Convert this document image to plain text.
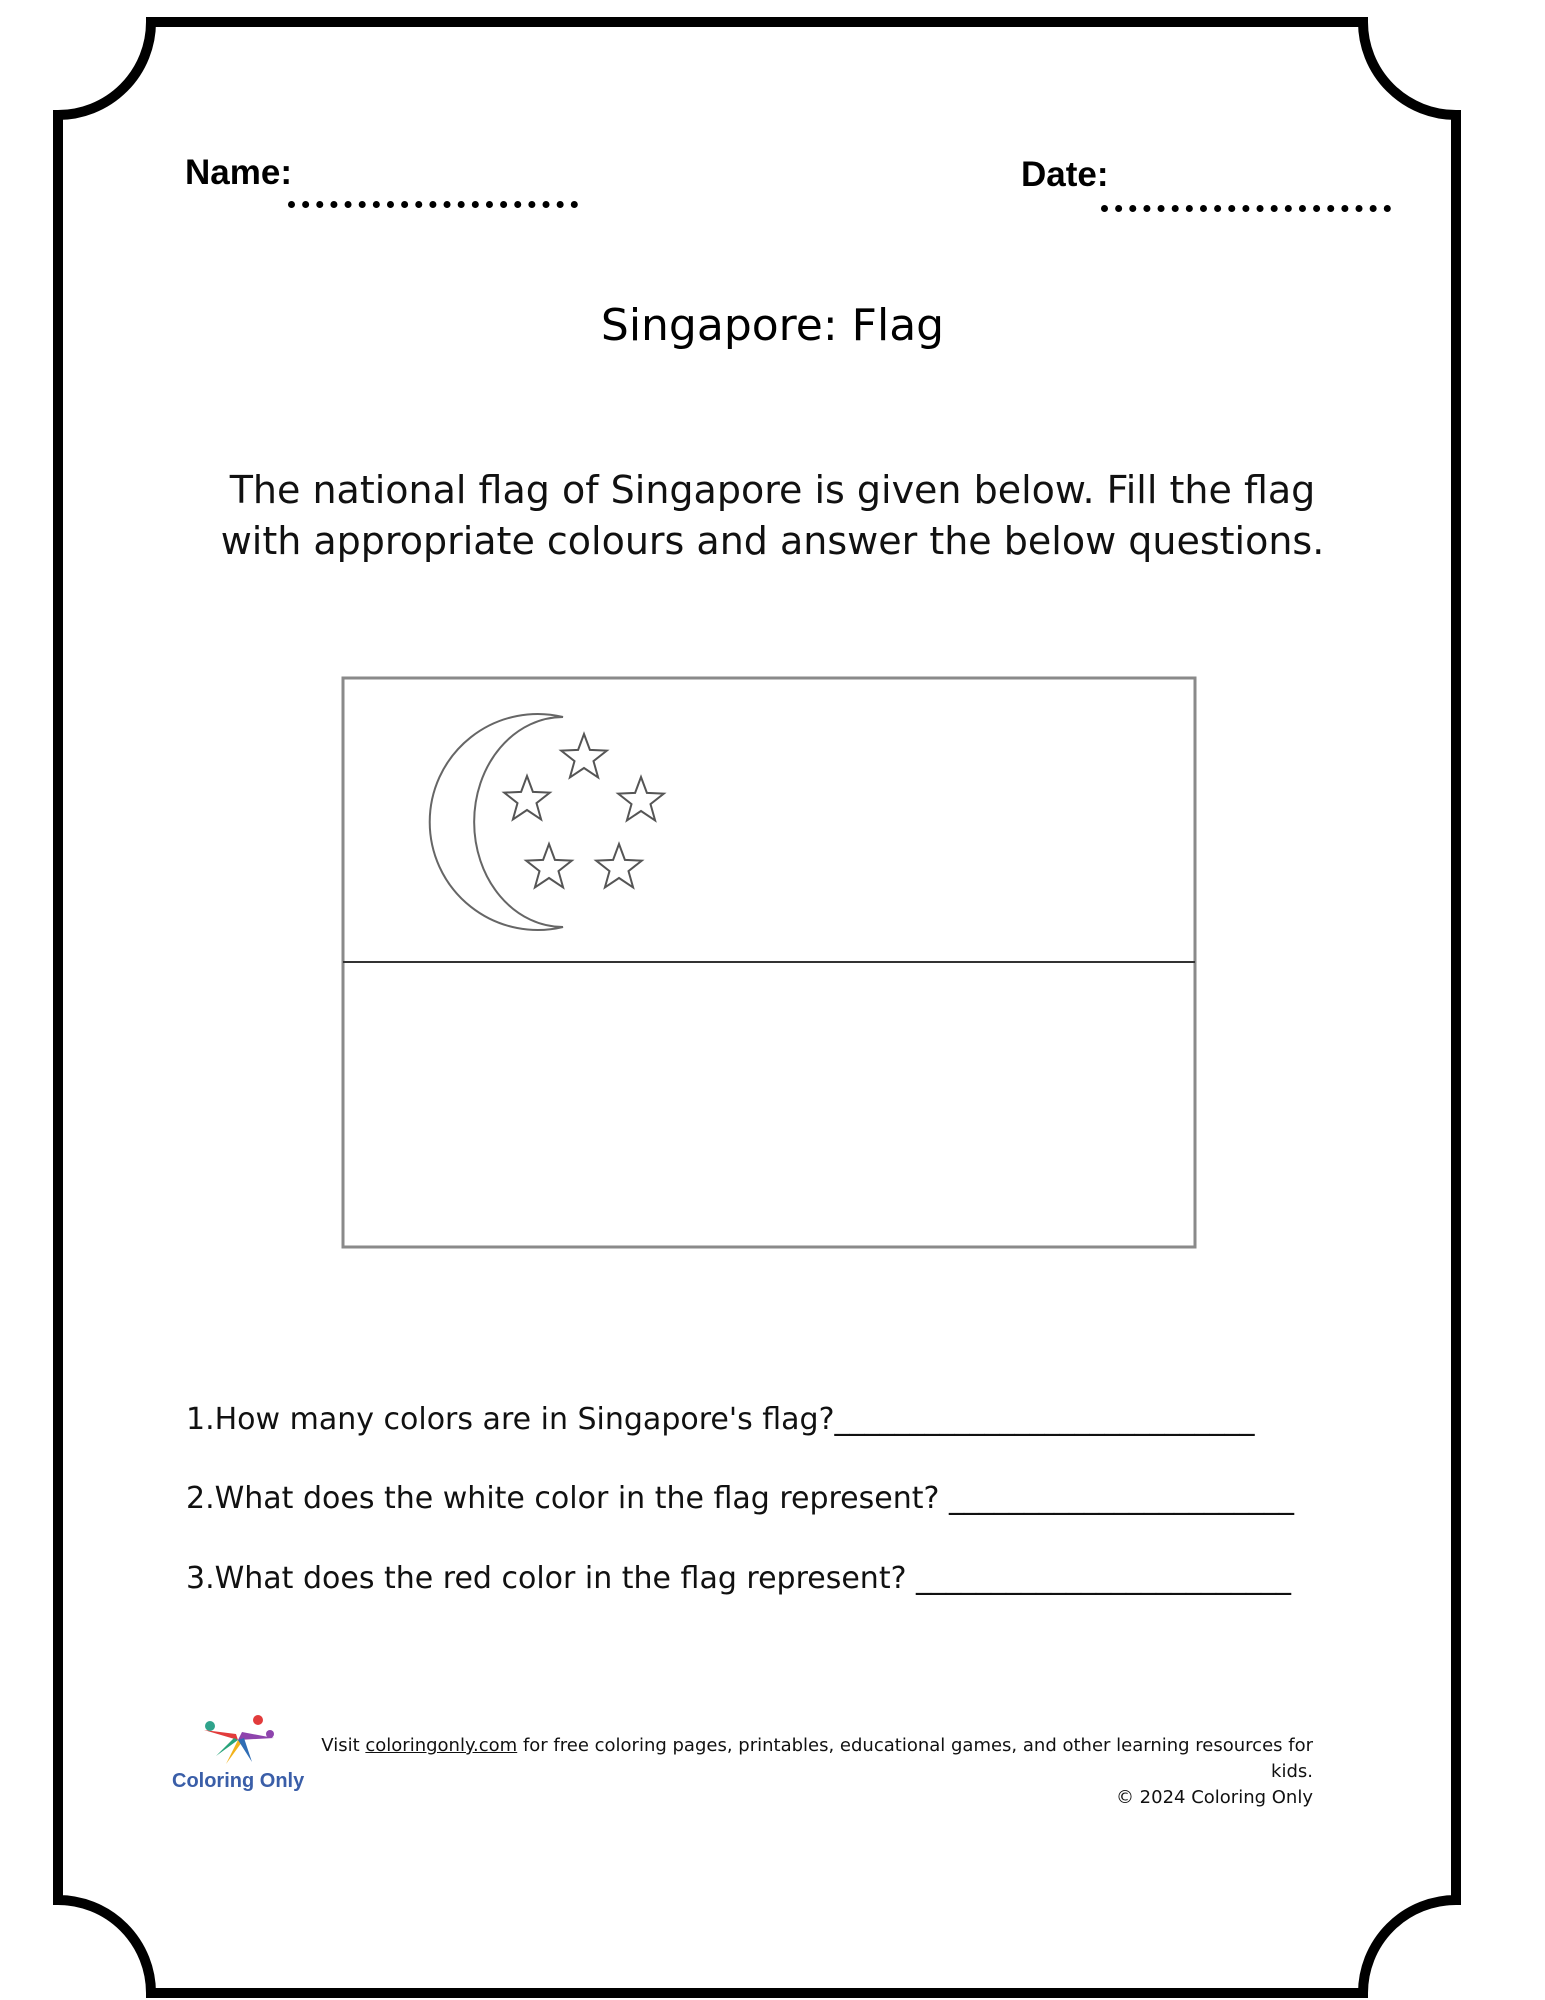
Name:	Date:
Singapore: Flag
The national flag of Singapore is given below. Fill the flag
with appropriate colours and answer the below questions.
1.How many colors are in Singapore's flag?____________________________
2.What does the white color in the flag represent? _______________________
3.What does the red color in the flag represent? _________________________
Coloring Only
Visit coloringonly.com for free coloring pages, printables, educational games, and other learning resources for kids.
© 2024 Coloring Only
